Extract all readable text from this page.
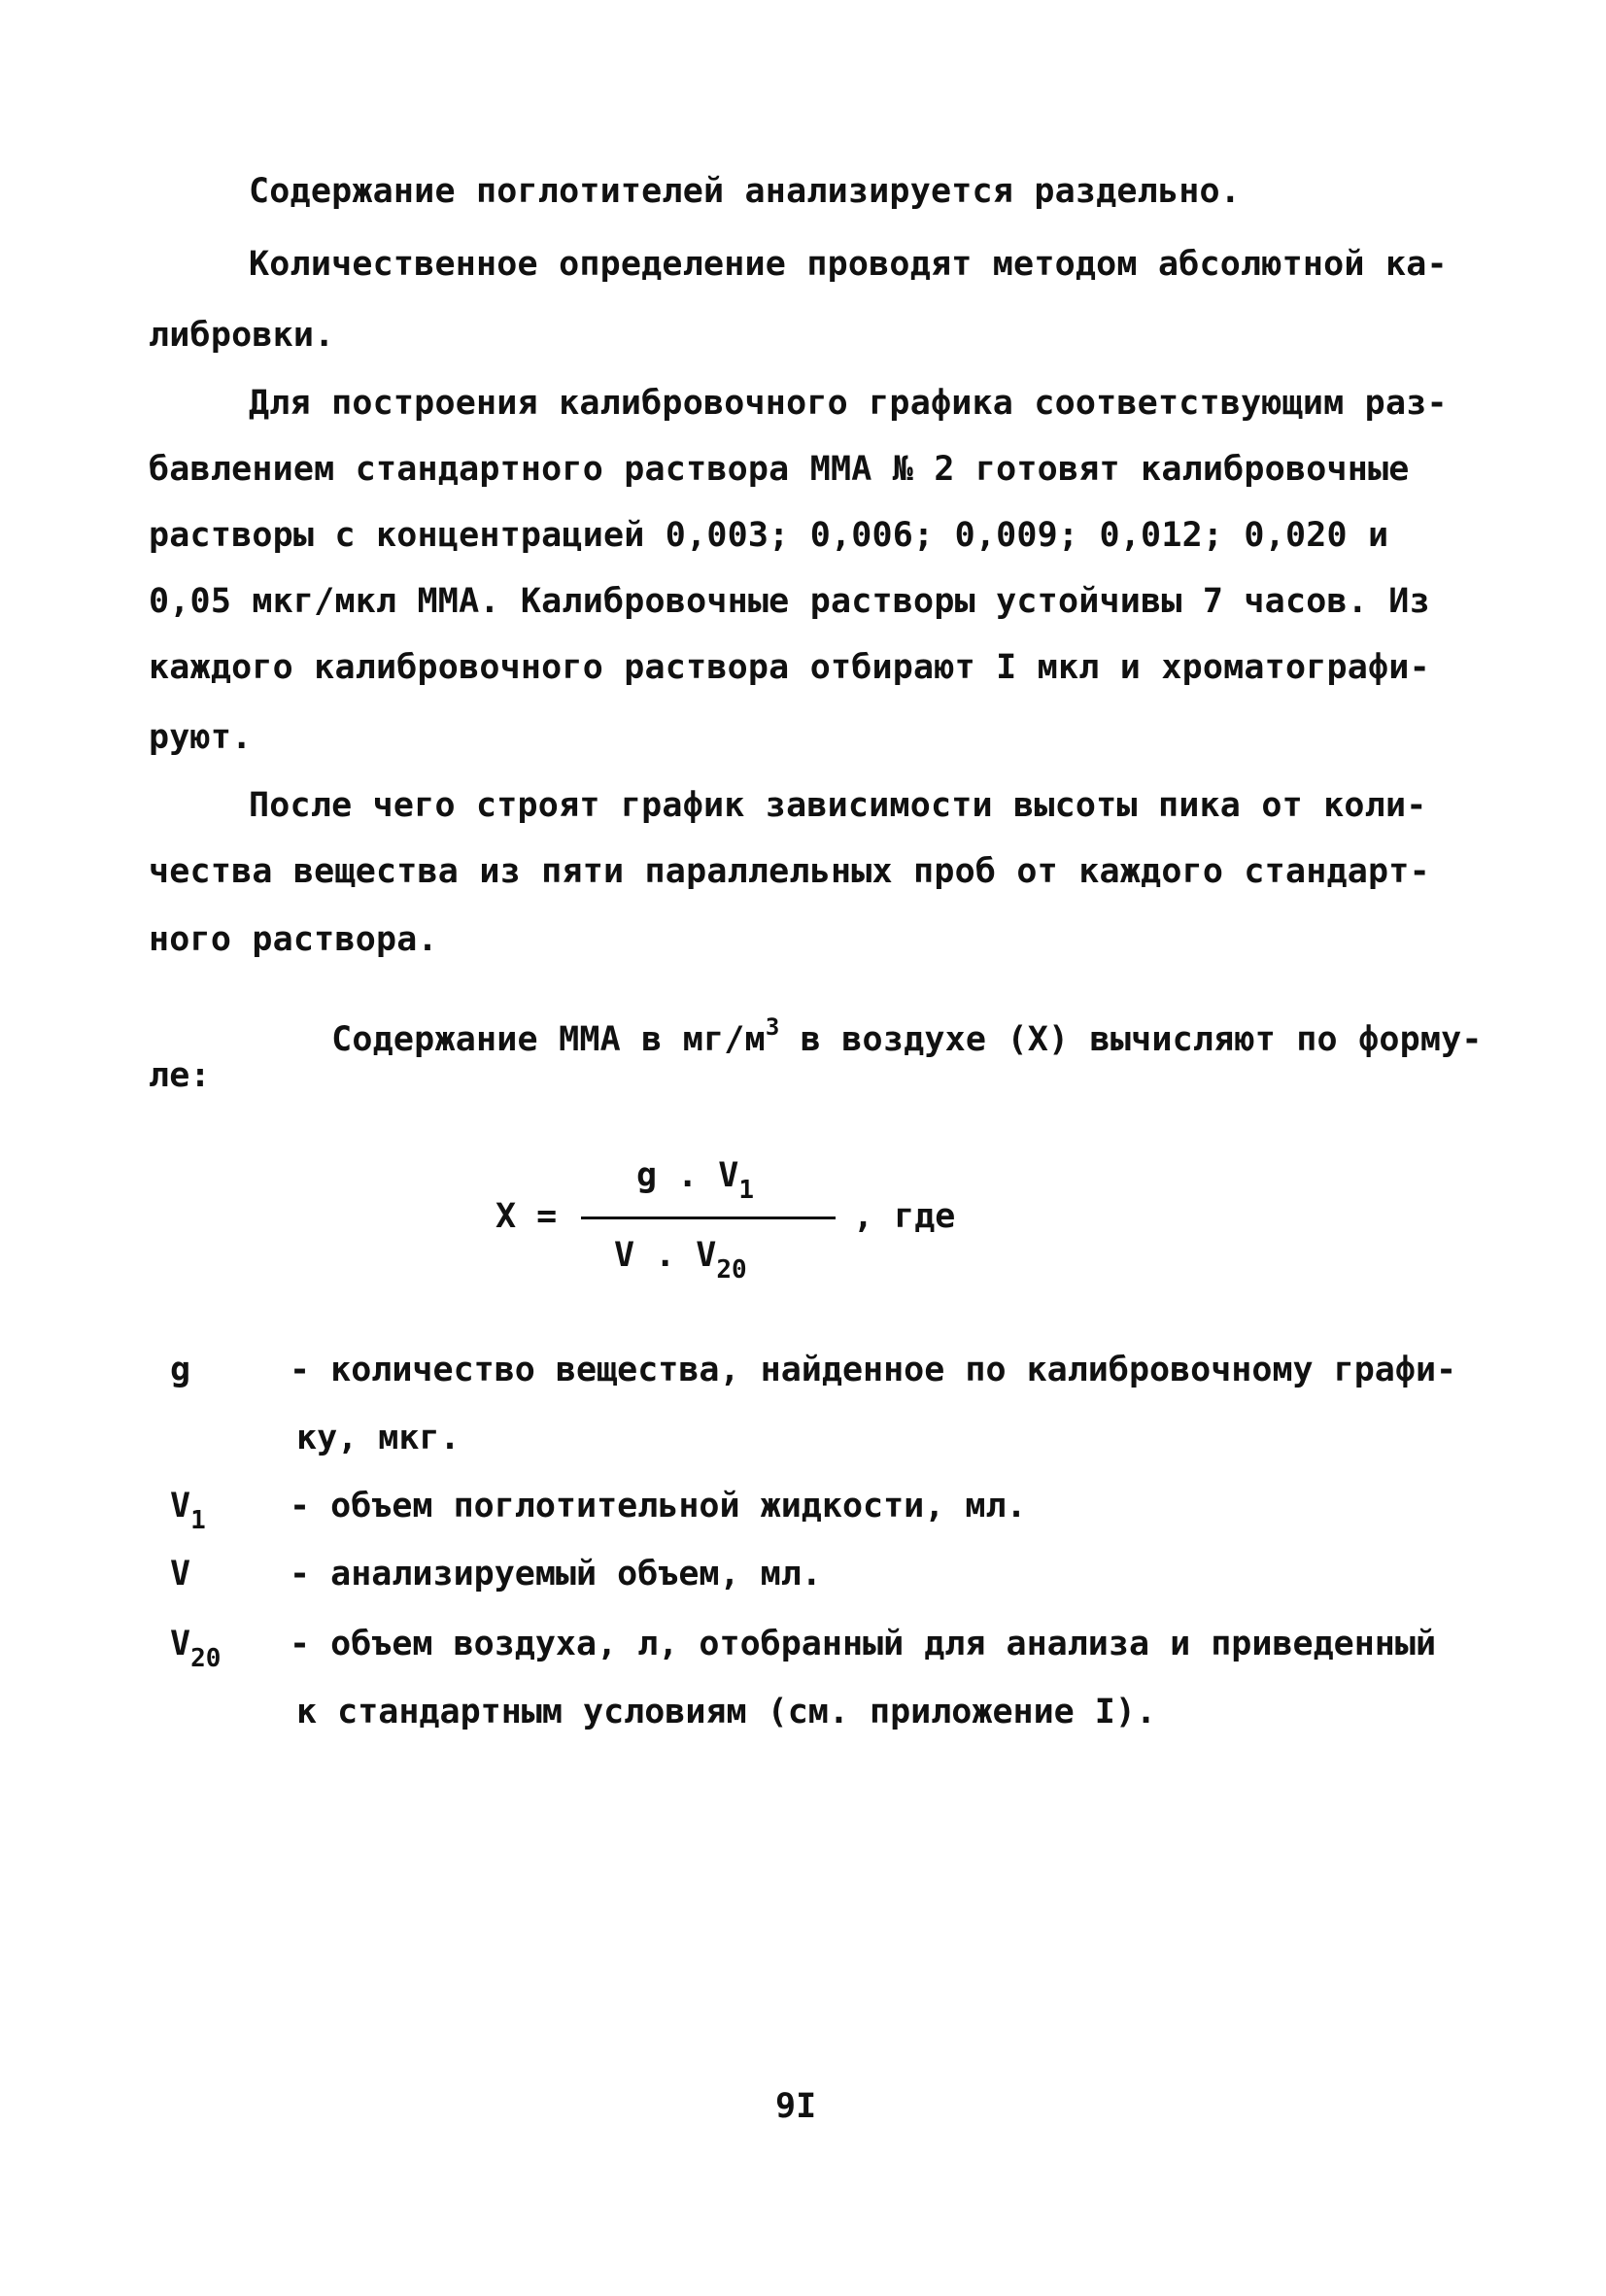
Содержание поглотителей анализируется раздельно.
Количественное определение проводят методом абсолютной ка-
либровки.
Для построения калибровочного графика соответствующим раз-
бавлением стандартного раствора ММА № 2 готовят калибровочные
растворы с концентрацией 0,003; 0,006; 0,009; 0,012; 0,020 и
0,05 мкг/мкл ММА. Калибровочные растворы устойчивы 7 часов. Из
каждого калибровочного раствора отбирают I мкл и хроматографи-
руют.
После чего строят график зависимости высоты пика от коли-
чества вещества из пяти параллельных проб от каждого стандарт-
ного раствора.

Содержание ММА в $мг/м^3$ в воздухе (X) вычисляют по форму-

ле:
X =
g . $V_1$
V . $V_{20}$
, где
g	- количество вещества, найденное по калибровочному графи-
ку, мкг.
$V_1$ - объем поглотительной жидкости, мл.
V	- анализируемый объем, мл.
$V_{20}$ - объем воздуха, л, отобранный для анализа и приведенный
к стандартным условиям (см. приложение I).
9I
